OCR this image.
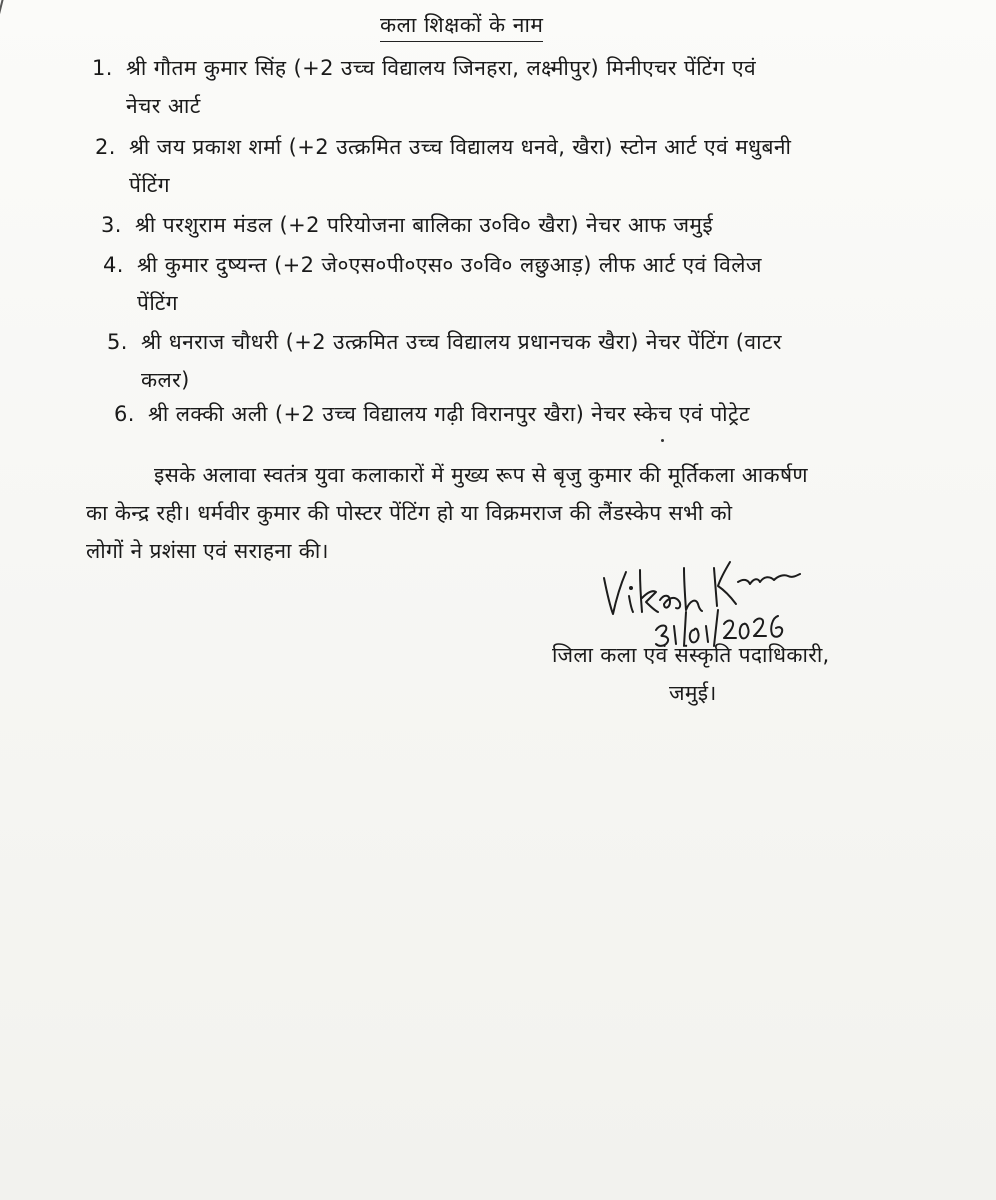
कला शिक्षकों के नाम
1. श्री गौतम कुमार सिंह (+2 उच्च विद्यालय जिनहरा, लक्ष्मीपुर) मिनीएचर पेंटिंग एवं
नेचर आर्ट
2. श्री जय प्रकाश शर्मा (+2 उत्क्रमित उच्च विद्यालय धनवे, खैरा) स्टोन आर्ट एवं मधुबनी
पेंटिंग
3. श्री परशुराम मंडल (+2 परियोजना बालिका उ०वि० खैरा) नेचर आफ जमुई
4. श्री कुमार दुष्यन्त (+2 जे०एस०पी०एस० उ०वि० लछुआड़) लीफ आर्ट एवं विलेज
पेंटिंग
5. श्री धनराज चौधरी (+2 उत्क्रमित उच्च विद्यालय प्रधानचक खैरा) नेचर पेंटिंग (वाटर
कलर)
6. श्री लक्की अली (+2 उच्च विद्यालय गढ़ी विरानपुर खैरा) नेचर स्केच एवं पोट्रेट
इसके अलावा स्वतंत्र युवा कलाकारों में मुख्य रूप से बृजु कुमार की मूर्तिकला आकर्षण
का केन्द्र रही। धर्मवीर कुमार की पोस्टर पेंटिंग हो या विक्रमराज की लैंडस्केप सभी को
लोगों ने प्रशंसा एवं सराहना की।
जिला कला एवं संस्कृति पदाधिकारी,
जमुई।
